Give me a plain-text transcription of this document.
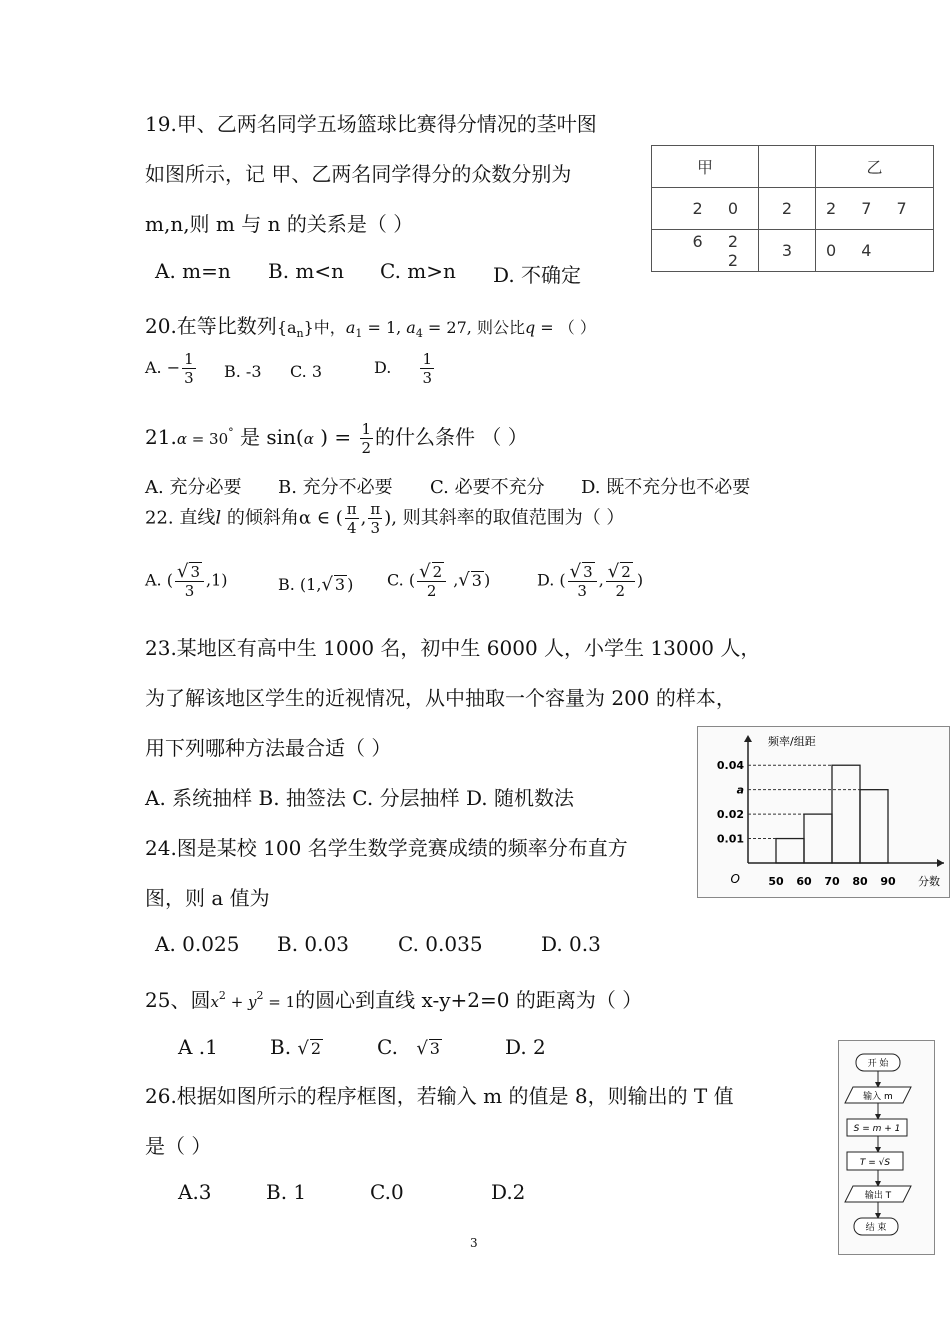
19.甲、乙两名同学五场篮球比赛得分情况的茎叶图
如图所示，记 甲、乙两名同学得分的众数分别为
m,n,则 m 与 n 的关系是（ ）
A. m=n B. m<n C. m>n D. 不确定
甲		乙
2 0	2	2 7 7
6 2 2	3	0 4
20.在等比数列$\{a_n\}$中，$a_1 = 1$, $a_4 = 27$, 则公比q = （ ）
A. − $\frac{1}{3} B$. -3 C. 3	D. $\frac{1}{3}$
21.α = 30° 是 sin(α ) = $\frac{1}{2}$ 的什么条件 （ ）
A. 充分必要 B. 充分不必要 C. 必要不充分 D. 既不充分也不必要
22. 直线l 的倾斜角α ∈ ( $\frac{\pi}{4}$ , $\frac{\pi}{3}$ ), 则其斜率的取值范围为（ ）
A. ( $\frac{√ 3}{3} ,1$)	B. (1,√ 3 ) C. ( $\frac{√ 2}{2}$ ,√ 3 )	D. ( $\frac{√ 3}{3}$ , $\frac{√ 2}{2}$ )
23.某地区有高中生 1000 名，初中生 6000 人，小学生 13000 人，
为了解该地区学生的近视情况，从中抽取一个容量为 200 的样本，
用下列哪种方法最合适（ ）
A. 系统抽样 B. 抽签法 C. 分层抽样 D. 随机数法
24.图是某校 100 名学生数学竞赛成绩的频率分布直方
图，则 a 值为
A. 0.025 B. 0.03 C. 0.035	D. 0.3
0.04
a
0.02
0.01
50 60 70 80 90
O	分数
频率/组距
25、圆$x^2 + y^2 = 1$的圆心到直线 x-y+2=0 的距离为（ ）
A .1	B. √ 2	C. √ 3	D. 2
26.根据如图所示的程序框图，若输入 m 的值是 8，则输出的 T 值
是（ ）
A.3	B. 1	C.0	D.2
开 始
输入 m
S = m + 1
T = √S
输出 T
结 束
3
